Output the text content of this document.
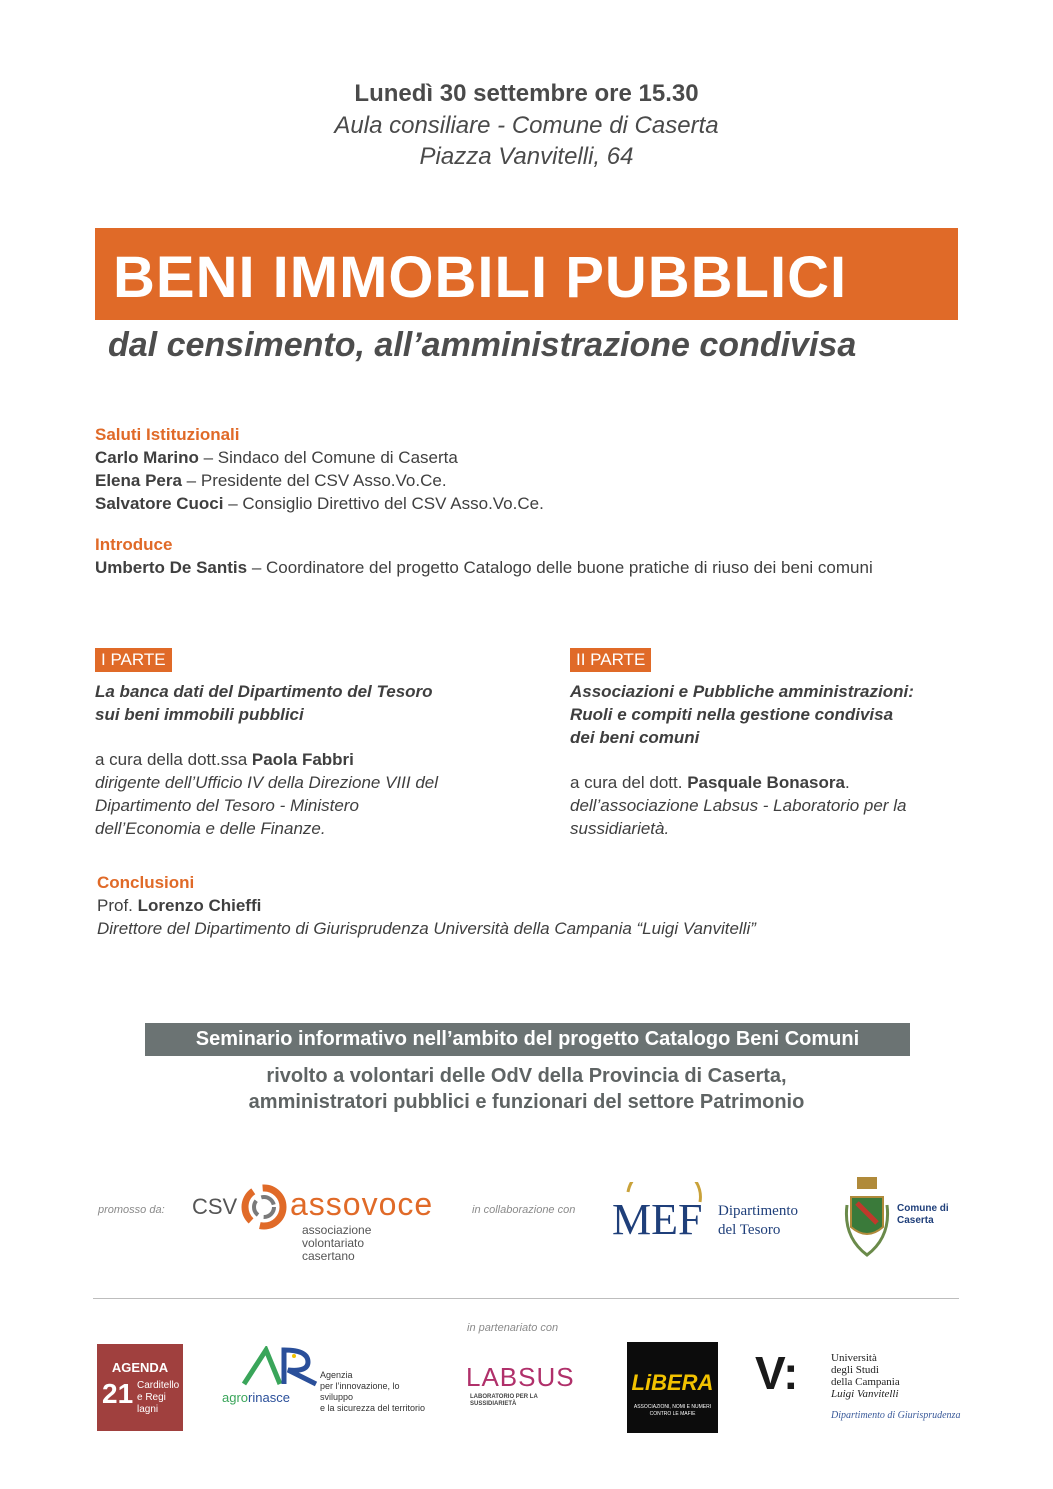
Lunedì 30 settembre ore 15.30
Aula consiliare - Comune di Caserta
Piazza Vanvitelli, 64
BENI IMMOBILI PUBBLICI
dal censimento, all’amministrazione condivisa
Saluti Istituzionali
Carlo Marino – Sindaco del Comune di Caserta
Elena Pera – Presidente del CSV Asso.Vo.Ce.
Salvatore Cuoci – Consiglio Direttivo del CSV Asso.Vo.Ce.
Introduce
Umberto De Santis – Coordinatore del progetto Catalogo delle buone pratiche di riuso dei beni comuni
I PARTE
La banca dati del Dipartimento del Tesoro
sui beni immobili pubblici
a cura della dott.ssa Paola Fabbri
dirigente dell’Ufficio IV della Direzione VIII del
Dipartimento del Tesoro - Ministero
dell’Economia e delle Finanze.
II PARTE
Associazioni e Pubbliche amministrazioni:
Ruoli e compiti nella gestione condivisa
dei beni comuni
a cura del dott. Pasquale Bonasora.
dell’associazione Labsus - Laboratorio per la
sussidiarietà.
Conclusioni
Prof. Lorenzo Chieffi
Direttore del Dipartimento di Giurisprudenza Università della Campania “Luigi Vanvitelli”
Seminario informativo nell’ambito del progetto Catalogo Beni Comuni
rivolto a volontari delle OdV della Provincia di Caserta,
amministratori pubblici e funzionari del settore Patrimonio
promosso da: CSV assovoce
associazione
volontariato
casertano
in collaborazione con MEF Dipartimento
del Tesoro
Comune di
Caserta
in partenariato con
AGENDA
21 Carditello
e Regi lagni
agrorinasce
Agenzia
per l’innovazione, lo sviluppo
e la sicurezza del territorio
LABSUS
LABORATORIO PER LA
SUSSIDIARIETÀ
LiBERA
ASSOCIAZIONI, NOMI E NUMERI
CONTRO LE MAFIE
V:	Università
degli Studi
della Campania
Luigi Vanvitelli
Dipartimento di Giurisprudenza
